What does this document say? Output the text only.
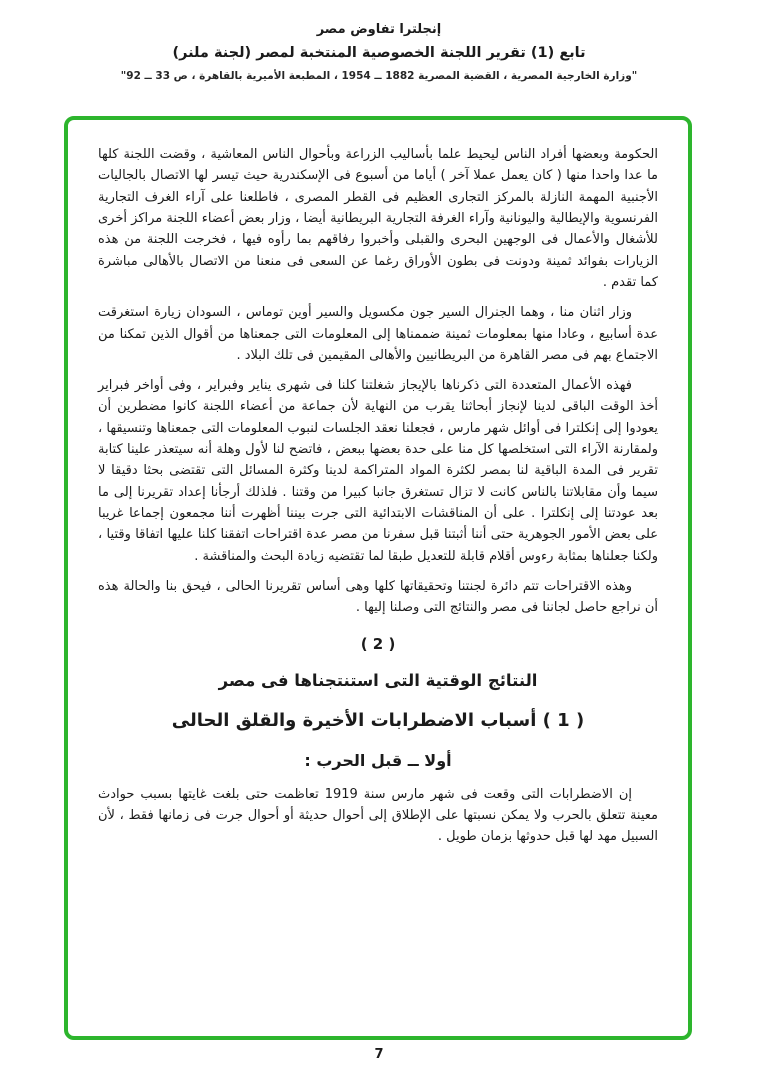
إنجلترا تفاوض مصر
تابع (1) تقرير اللجنة الخصوصية المنتخبة لمصر (لجنة ملنر)
"وزارة الخارجية المصرية ، القضية المصرية 1882 ــ 1954 ، المطبعة الأميرية بالقاهرة ، ص 33 ــ 92"

الحكومة وبعضها أفراد الناس ليحيط علما بأساليب الزراعة وبأحوال الناس المعاشية ، وقضت اللجنة كلها ما عدا واحدا منها ( كان يعمل عملا آخر ) أياما من أسبوع فى الإسكندرية حيث تيسر لها الاتصال بالجاليات الأجنبية المهمة النازلة بالمركز التجارى العظيم فى القطر المصرى ، فاطلعنا على آراء الغرف التجارية الفرنسوية والإيطالية واليونانية وآراء الغرفة التجارية البريطانية أيضا ، وزار بعض أعضاء اللجنة مراكز أخرى للأشغال والأعمال فى الوجهين البحرى والقبلى وأخبروا رفاقهم بما رأوه فيها ، فخرجت اللجنة من هذه الزيارات بفوائد ثمينة ودونت فى بطون الأوراق رغما عن السعى فى منعنا من الاتصال بالأهالى مباشرة كما تقدم .

وزار اثنان منا ، وهما الجنرال السير جون مكسويل والسير أوين توماس ، السودان زيارة استغرقت عدة أسابيع ، وعادا منها بمعلومات ثمينة ضممناها إلى المعلومات التى جمعناها من أقوال الذين تمكنا من الاجتماع بهم فى مصر القاهرة من البريطانيين والأهالى المقيمين فى تلك البلاد .

فهذه الأعمال المتعددة التى ذكرناها بالإيجاز شغلتنا كلنا فى شهرى يناير وفبراير ، وفى أواخر فبراير أخذ الوقت الباقى لدينا لإنجاز أبحاثنا يقرب من النهاية لأن جماعة من أعضاء اللجنة كانوا مضطرين أن يعودوا إلى إنكلترا فى أوائل شهر مارس ، فجعلنا نعقد الجلسات لنبوب المعلومات التى جمعناها وتنسيقها ، ولمقارنة الآراء التى استخلصها كل منا على حدة بعضها ببعض ، فاتضح لنا لأول وهلة أنه سيتعذر علينا كتابة تقرير فى المدة الباقية لنا بمصر لكثرة المواد المتراكمة لدينا وكثرة المسائل التى تقتضى بحثا دقيقا لا سيما وأن مقابلاتنا بالناس كانت لا تزال تستغرق جانبا كبيرا من وقتنا . فلذلك أرجأنا إعداد تقريرنا إلى ما بعد عودتنا إلى إنكلترا . على أن المناقشات الابتدائية التى جرت بيننا أظهرت أننا مجمعون إجماعا غريبا على بعض الأمور الجوهرية حتى أننا أثبتنا قبل سفرنا من مصر عدة اقتراحات اتفقنا كلنا عليها اتفاقا وقتيا ، ولكنا جعلناها بمثابة رءوس أقلام قابلة للتعديل طبقا لما تقتضيه زيادة البحث والمناقشة .

وهذه الاقتراحات تتم دائرة لجنتنا وتحقيقاتها كلها وهى أساس تقريرنا الحالى ، فيحق بنا والحالة هذه أن نراجع حاصل لجاننا فى مصر والنتائج التى وصلنا إليها .

( 2 )
النتائج الوقتية التى استنتجناها فى مصر
( 1 ) أسباب الاضطرابات الأخيرة والقلق الحالى
أولا ــ قبل الحرب :

إن الاضطرابات التى وقعت فى شهر مارس سنة 1919 تعاظمت حتى بلغت غايتها بسبب حوادث معينة تتعلق بالحرب ولا يمكن نسبتها على الإطلاق إلى أحوال حديثة أو أحوال جرت فى زمانها فقط ، لأن السبيل مهد لها قبل حدوثها بزمان طويل .

7
